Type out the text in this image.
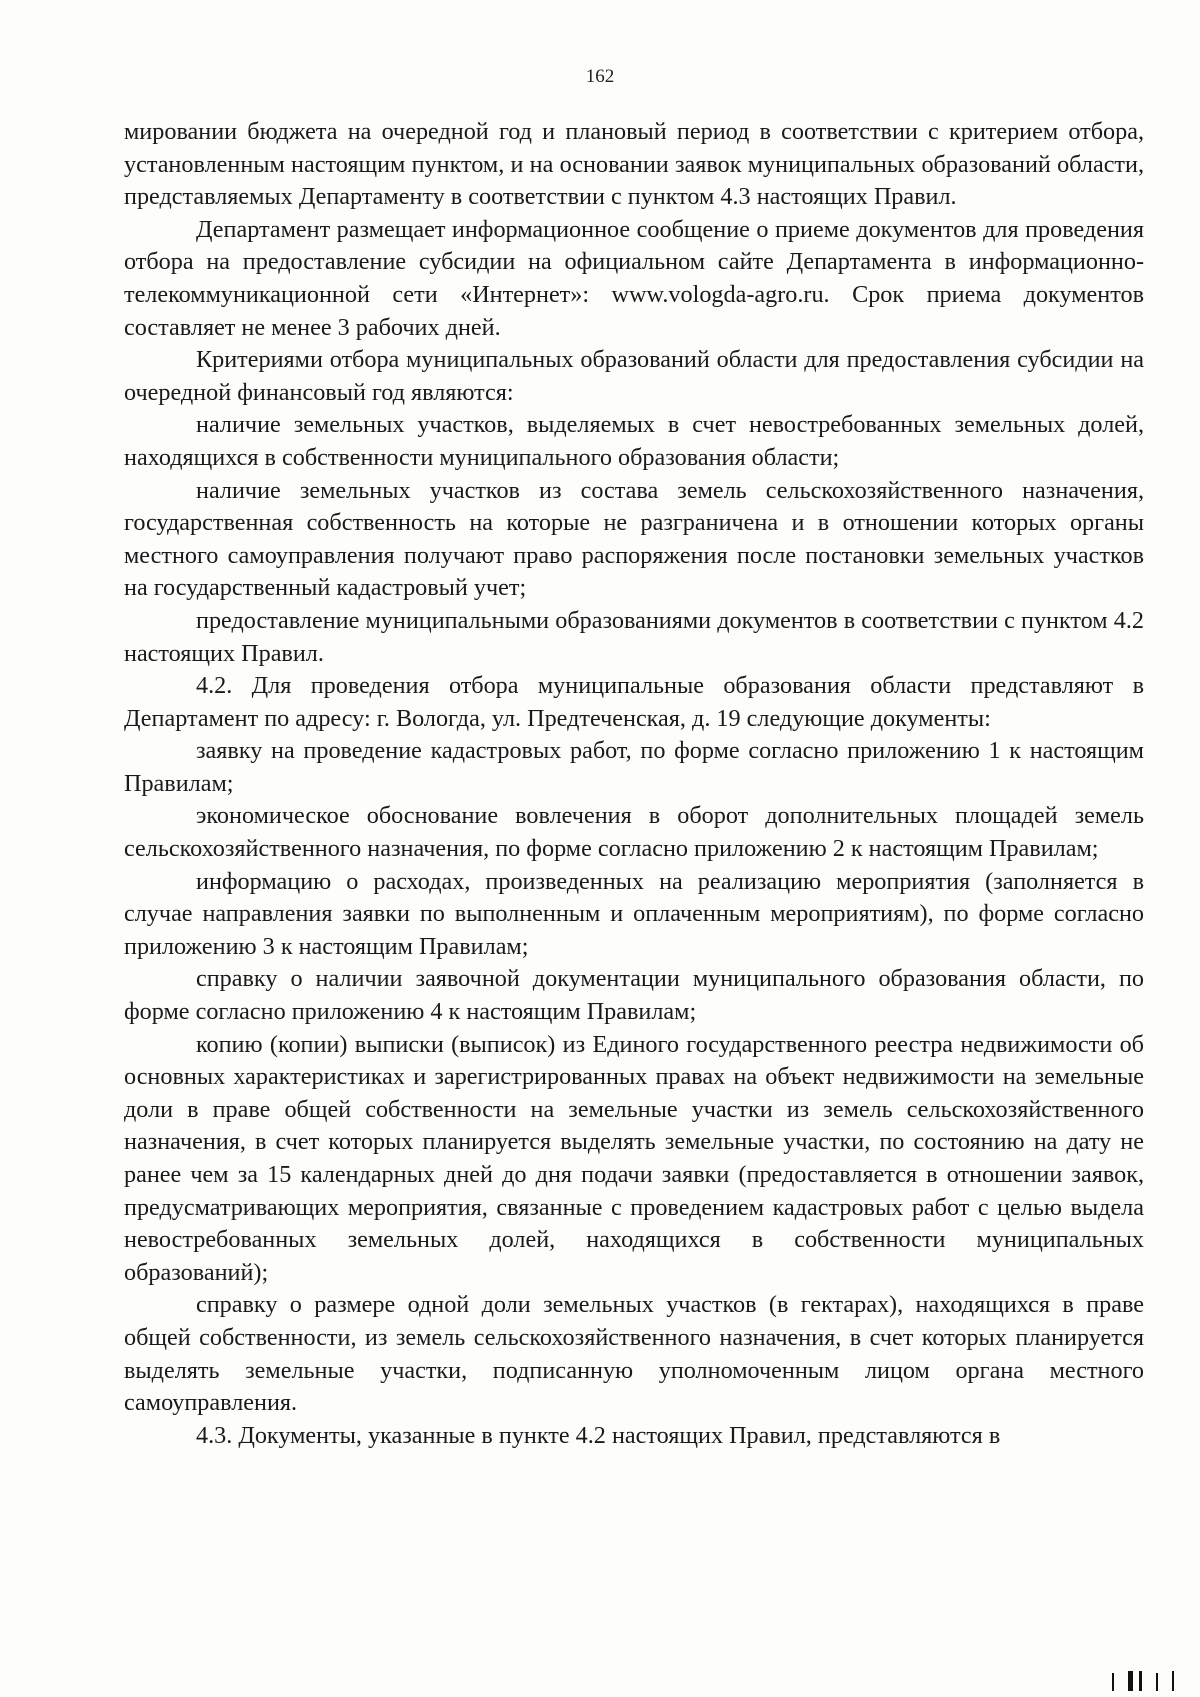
162

мировании бюджета на очередной год и плановый период в соответствии с критерием отбора, установленным настоящим пунктом, и на основании заявок муниципальных образований области, представляемых Департаменту в соответствии с пунктом 4.3 настоящих Правил.

Департамент размещает информационное сообщение о приеме документов для проведения отбора на предоставление субсидии на официальном сайте Департамента в информационно-телекоммуникационной сети «Интернет»: www.vologda-agro.ru. Срок приема документов составляет не менее 3 рабочих дней.

Критериями отбора муниципальных образований области для предоставления субсидии на очередной финансовый год являются:

наличие земельных участков, выделяемых в счет невостребованных земельных долей, находящихся в собственности муниципального образования области;

наличие земельных участков из состава земель сельскохозяйственного назначения, государственная собственность на которые не разграничена и в отношении которых органы местного самоуправления получают право распоряжения после постановки земельных участков на государственный кадастровый учет;

предоставление муниципальными образованиями документов в соответствии с пунктом 4.2 настоящих Правил.

4.2. Для проведения отбора муниципальные образования области представляют в Департамент по адресу: г. Вологда, ул. Предтеченская, д. 19 следующие документы:

заявку на проведение кадастровых работ, по форме согласно приложению 1 к настоящим Правилам;

экономическое обоснование вовлечения в оборот дополнительных площадей земель сельскохозяйственного назначения, по форме согласно приложению 2 к настоящим Правилам;

информацию о расходах, произведенных на реализацию мероприятия (заполняется в случае направления заявки по выполненным и оплаченным мероприятиям), по форме согласно приложению 3 к настоящим Правилам;

справку о наличии заявочной документации муниципального образования области, по форме согласно приложению 4 к настоящим Правилам;

копию (копии) выписки (выписок) из Единого государственного реестра недвижимости об основных характеристиках и зарегистрированных правах на объект недвижимости на земельные доли в праве общей собственности на земельные участки из земель сельскохозяйственного назначения, в счет которых планируется выделять земельные участки, по состоянию на дату не ранее чем за 15 календарных дней до дня подачи заявки (предоставляется в отношении заявок, предусматривающих мероприятия, связанные с проведением кадастровых работ с целью выдела невостребованных земельных долей, находящихся в собственности муниципальных образований);

справку о размере одной доли земельных участков (в гектарах), находящихся в праве общей собственности, из земель сельскохозяйственного назначения, в счет которых планируется выделять земельные участки, подписанную уполномоченным лицом органа местного самоуправления.

4.3. Документы, указанные в пункте 4.2 настоящих Правил, представляются в
